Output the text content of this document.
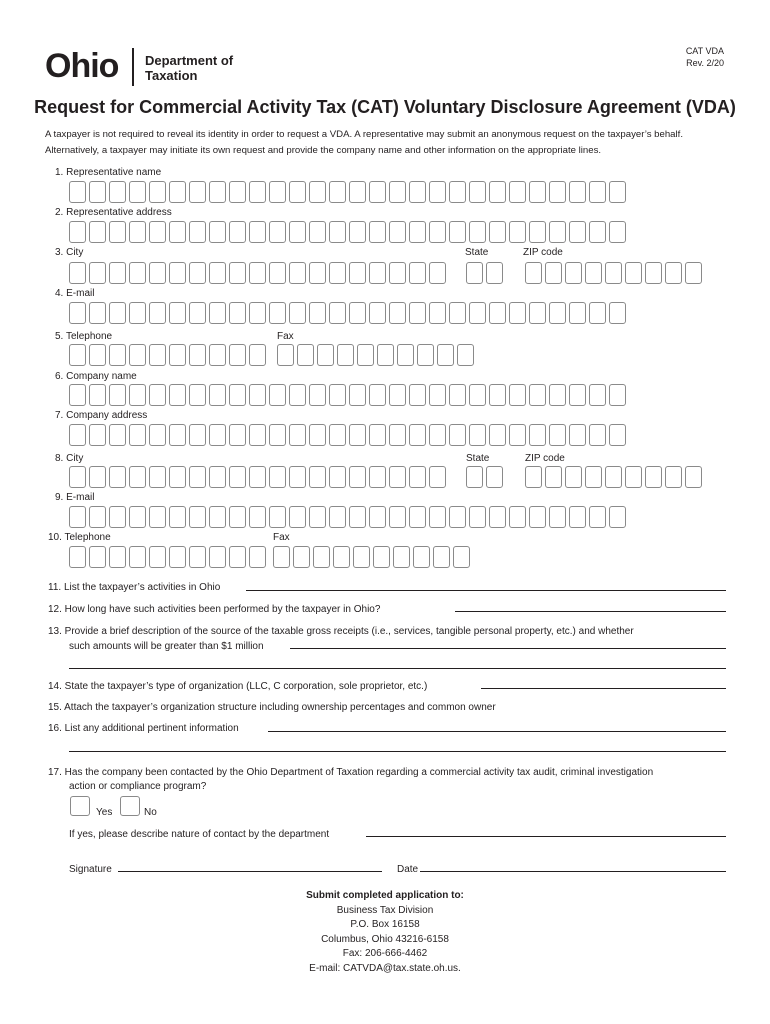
Ohio Department of
Taxation
CAT VDA
Rev. 2/20
Request for Commercial Activity Tax (CAT) Voluntary Disclosure Agreement (VDA)
A taxpayer is not required to reveal its identity in order to request a VDA. A representative may submit an anonymous request on the taxpayer’s behalf. Alternatively, a taxpayer may initiate its own request and provide the company name and other information on the appropriate lines.
1. Representative name
2. Representative address
3. City	State	ZIP code
4. E-mail
5. Telephone	Fax
6. Company name
7. Company address
8. City	State	ZIP code
9. E-mail
10. Telephone	Fax
11. List the taxpayer’s activities in Ohio
12. How long have such activities been performed by the taxpayer in Ohio?
13. Provide a brief description of the source of the taxable gross receipts (i.e., services, tangible personal property, etc.) and whether
such amounts will be greater than $1 million
14. State the taxpayer’s type of organization (LLC, C corporation, sole proprietor, etc.)
15. Attach the taxpayer’s organization structure including ownership percentages and common owner
16. List any additional pertinent information
17. Has the company been contacted by the Ohio Department of Taxation regarding a commercial activity tax audit, criminal investigation
action or compliance program?
Yes	No
If yes, please describe nature of contact by the department
Signature	Date
Submit completed application to:
Business Tax Division
P.O. Box 16158
Columbus, Ohio 43216-6158
Fax: 206-666-4462
E-mail: CATVDA@tax.state.oh.us.
